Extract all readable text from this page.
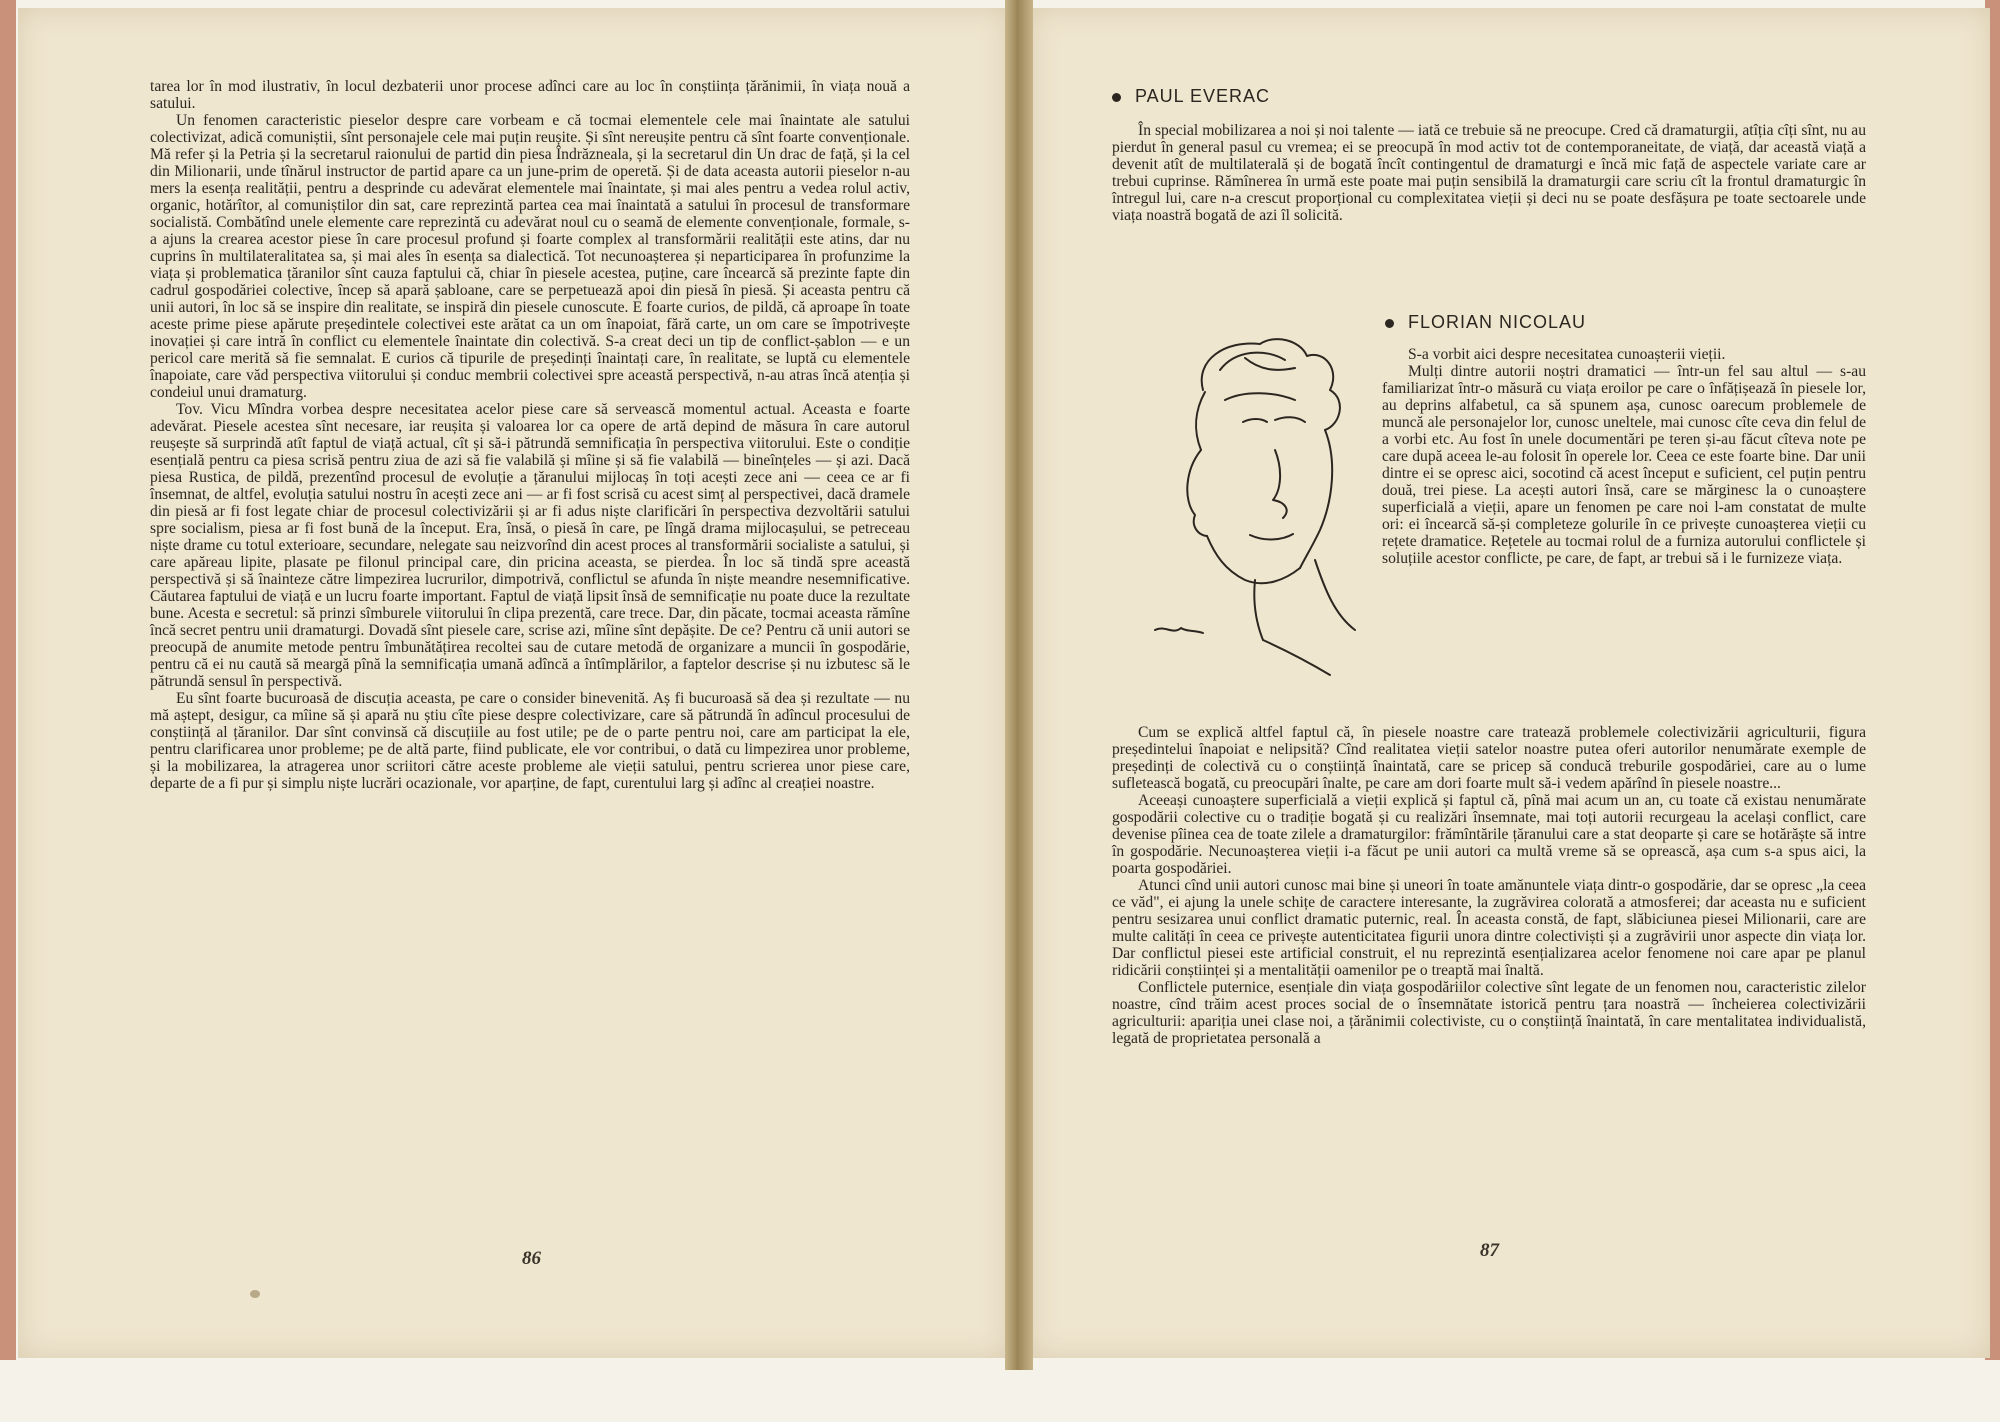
tarea lor în mod ilustrativ, în locul dezbaterii unor procese adînci care au loc în conștiința țărănimii, în viața nouă a satului.

Un fenomen caracteristic pieselor despre care vorbeam e că tocmai elementele cele mai înaintate ale satului colectivizat, adică comuniștii, sînt personajele cele mai puțin reușite. Și sînt nereușite pentru că sînt foarte convenționale. Mă refer și la Petria și la secretarul raionului de partid din piesa Îndrăzneala, și la secretarul din Un drac de față, și la cel din Milionarii, unde tînărul instructor de partid apare ca un june-prim de operetă. Și de data aceasta autorii pieselor n-au mers la esența realității, pentru a desprinde cu adevărat elementele mai înaintate, și mai ales pentru a vedea rolul activ, organic, hotărîtor, al comuniștilor din sat, care reprezintă partea cea mai înaintată a satului în procesul de transformare socialistă. Combătînd unele elemente care reprezintă cu adevărat noul cu o seamă de elemente convenționale, formale, s-a ajuns la crearea acestor piese în care procesul profund și foarte complex al transformării realității este atins, dar nu cuprins în multilateralitatea sa, și mai ales în esența sa dialectică. Tot necunoașterea și neparticiparea în profunzime la viața și problematica țăranilor sînt cauza faptului că, chiar în piesele acestea, puține, care încearcă să prezinte fapte din cadrul gospodăriei colective, încep să apară șabloane, care se perpetuează apoi din piesă în piesă. Și aceasta pentru că unii autori, în loc să se inspire din realitate, se inspiră din piesele cunoscute. E foarte curios, de pildă, că aproape în toate aceste prime piese apărute președintele colectivei este arătat ca un om înapoiat, fără carte, un om care se împotrivește inovației și care intră în conflict cu elementele înaintate din colectivă. S-a creat deci un tip de conflict-șablon — e un pericol care merită să fie semnalat. E curios că tipurile de președinți înaintați care, în realitate, se luptă cu elementele înapoiate, care văd perspectiva viitorului și conduc membrii colectivei spre această perspectivă, n-au atras încă atenția și condeiul unui dramaturg.

Tov. Vicu Mîndra vorbea despre necesitatea acelor piese care să servească momentul actual. Aceasta e foarte adevărat. Piesele acestea sînt necesare, iar reușita și valoarea lor ca opere de artă depind de măsura în care autorul reușește să surprindă atît faptul de viață actual, cît și să-i pătrundă semnificația în perspectiva viitorului. Este o condiție esențială pentru ca piesa scrisă pentru ziua de azi să fie valabilă și mîine și să fie valabilă — bineînțeles — și azi. Dacă piesa Rustica, de pildă, prezentînd procesul de evoluție a țăranului mijlocaș în toți acești zece ani — ceea ce ar fi însemnat, de altfel, evoluția satului nostru în acești zece ani — ar fi fost scrisă cu acest simț al perspectivei, dacă dramele din piesă ar fi fost legate chiar de procesul colectivizării și ar fi adus niște clarificări în perspectiva dezvoltării satului spre socialism, piesa ar fi fost bună de la început. Era, însă, o piesă în care, pe lîngă drama mijlocașului, se petreceau niște drame cu totul exterioare, secundare, nelegate sau neizvorînd din acest proces al transformării socialiste a satului, și care apăreau lipite, plasate pe filonul principal care, din pricina aceasta, se pierdea. În loc să tindă spre această perspectivă și să înainteze către limpezirea lucrurilor, dimpotrivă, conflictul se afunda în niște meandre nesemnificative. Căutarea faptului de viață e un lucru foarte important. Faptul de viață lipsit însă de semnificație nu poate duce la rezultate bune. Acesta e secretul: să prinzi sîmburele viitorului în clipa prezentă, care trece. Dar, din păcate, tocmai aceasta rămîne încă secret pentru unii dramaturgi. Dovadă sînt piesele care, scrise azi, mîine sînt depășite. De ce? Pentru că unii autori se preocupă de anumite metode pentru îmbunătățirea recoltei sau de cutare metodă de organizare a muncii în gospodărie, pentru că ei nu caută să meargă pînă la semnificația umană adîncă a întîmplărilor, a faptelor descrise și nu izbutesc să le pătrundă sensul în perspectivă.

Eu sînt foarte bucuroasă de discuția aceasta, pe care o consider binevenită. Aș fi bucuroasă să dea și rezultate — nu mă aștept, desigur, ca mîine să și apară nu știu cîte piese despre colectivizare, care să pătrundă în adîncul procesului de conștiință al țăranilor. Dar sînt convinsă că discuțiile au fost utile; pe de o parte pentru noi, care am participat la ele, pentru clarificarea unor probleme; pe de altă parte, fiind publicate, ele vor contribui, o dată cu limpezirea unor probleme, și la mobilizarea, la atragerea unor scriitori către aceste probleme ale vieții satului, pentru scrierea unor piese care, departe de a fi pur și simplu niște lucrări ocazionale, vor aparține, de fapt, curentului larg și adînc al creației noastre.

86
PAUL EVERAC

În special mobilizarea a noi și noi talente — iată ce trebuie să ne preocupe. Cred că dramaturgii, atîția cîți sînt, nu au pierdut în general pasul cu vremea; ei se preocupă în mod activ tot de contemporaneitate, de viață, dar această viață a devenit atît de multilaterală și de bogată încît contingentul de dramaturgi e încă mic față de aspectele variate care ar trebui cuprinse. Rămînerea în urmă este poate mai puțin sensibilă la dramaturgii care scriu cît la frontul dramaturgic în întregul lui, care n-a crescut proporțional cu complexitatea vieții și deci nu se poate desfășura pe toate sectoarele unde viața noastră bogată de azi îl solicită.

FLORIAN NICOLAU

S-a vorbit aici despre necesitatea cunoașterii vieții.

Mulți dintre autorii noștri dramatici — într-un fel sau altul — s-au familiarizat într-o măsură cu viața eroilor pe care o înfățișează în piesele lor, au deprins alfabetul, ca să spunem așa, cunosc oarecum problemele de muncă ale personajelor lor, cunosc uneltele, mai cunosc cîte ceva din felul de a vorbi etc. Au fost în unele documentări pe teren și-au făcut cîteva note pe care după aceea le-au folosit în operele lor. Ceea ce este foarte bine. Dar unii dintre ei se opresc aici, socotind că acest început e suficient, cel puțin pentru două, trei piese. La acești autori însă, care se mărginesc la o cunoaștere superficială a vieții, apare un fenomen pe care noi l-am constatat de multe ori: ei încearcă să-și completeze golurile în ce privește cunoașterea vieții cu rețete dramatice. Rețetele au tocmai rolul de a furniza autorului conflictele și soluțiile acestor conflicte, pe care, de fapt, ar trebui să i le furnizeze viața.

Cum se explică altfel faptul că, în piesele noastre care tratează problemele colectivizării agriculturii, figura președintelui înapoiat e nelipsită? Cînd realitatea vieții satelor noastre putea oferi autorilor nenumărate exemple de președinți de colectivă cu o conștiință înaintată, care se pricep să conducă treburile gospodăriei, care au o lume sufletească bogată, cu preocupări înalte, pe care am dori foarte mult să-i vedem apărînd în piesele noastre...

Aceeași cunoaștere superficială a vieții explică și faptul că, pînă mai acum un an, cu toate că existau nenumărate gospodării colective cu o tradiție bogată și cu realizări însemnate, mai toți autorii recurgeau la același conflict, care devenise pîinea cea de toate zilele a dramaturgilor: frămîntările țăranului care a stat deoparte și care se hotărăște să intre în gospodărie. Necunoașterea vieții i-a făcut pe unii autori ca multă vreme să se oprească, așa cum s-a spus aici, la poarta gospodăriei.

Atunci cînd unii autori cunosc mai bine și uneori în toate amănuntele viața dintr-o gospodărie, dar se opresc „la ceea ce văd", ei ajung la unele schițe de caractere interesante, la zugrăvirea colorată a atmosferei; dar aceasta nu e suficient pentru sesizarea unui conflict dramatic puternic, real. În aceasta constă, de fapt, slăbiciunea piesei Milionarii, care are multe calități în ceea ce privește autenticitatea figurii unora dintre colectiviști și a zugrăvirii unor aspecte din viața lor. Dar conflictul piesei este artificial construit, el nu reprezintă esențializarea acelor fenomene noi care apar pe planul ridicării conștiinței și a mentalității oamenilor pe o treaptă mai înaltă.

Conflictele puternice, esențiale din viața gospodăriilor colective sînt legate de un fenomen nou, caracteristic zilelor noastre, cînd trăim acest proces social de o însemnătate istorică pentru țara noastră — încheierea colectivizării agriculturii: apariția unei clase noi, a țărănimii colectiviste, cu o conștiință înaintată, în care mentalitatea individualistă, legată de proprietatea personală a

87
